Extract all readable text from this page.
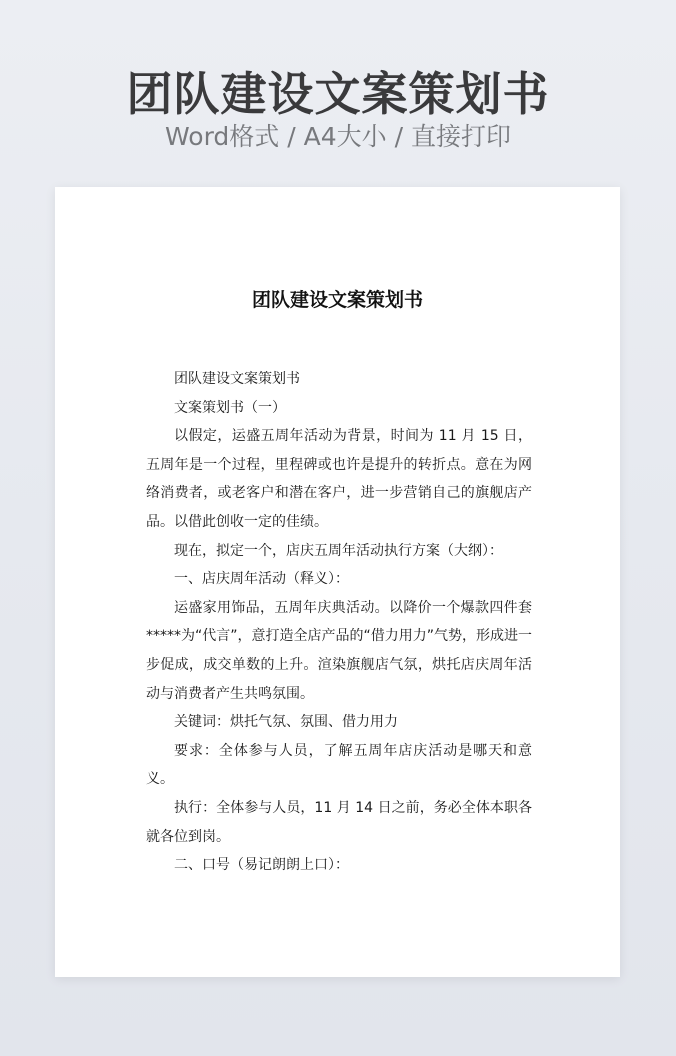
团队建设文案策划书
Word格式 / A4大小 / 直接打印
团队建设文案策划书

团队建设文案策划书

文案策划书（一）

以假定，运盛五周年活动为背景，时间为 11 月 15 日，五周年是一个过程，里程碑或也许是提升的转折点。意在为网络消费者，或老客户和潜在客户，进一步营销自己的旗舰店产品。以借此创收一定的佳绩。

现在，拟定一个，店庆五周年活动执行方案（大纲）：

一、店庆周年活动（释义）：

运盛家用饰品，五周年庆典活动。以降价一个爆款四件套*****为“代言”，意打造全店产品的“借力用力”气势，形成进一步促成，成交单数的上升。渲染旗舰店气氛，烘托店庆周年活动与消费者产生共鸣氛围。

关键词：烘托气氛、氛围、借力用力

要求：全体参与人员，了解五周年店庆活动是哪天和意义。

执行：全体参与人员，11 月 14 日之前，务必全体本职各就各位到岗。

二、口号（易记朗朗上口）：
